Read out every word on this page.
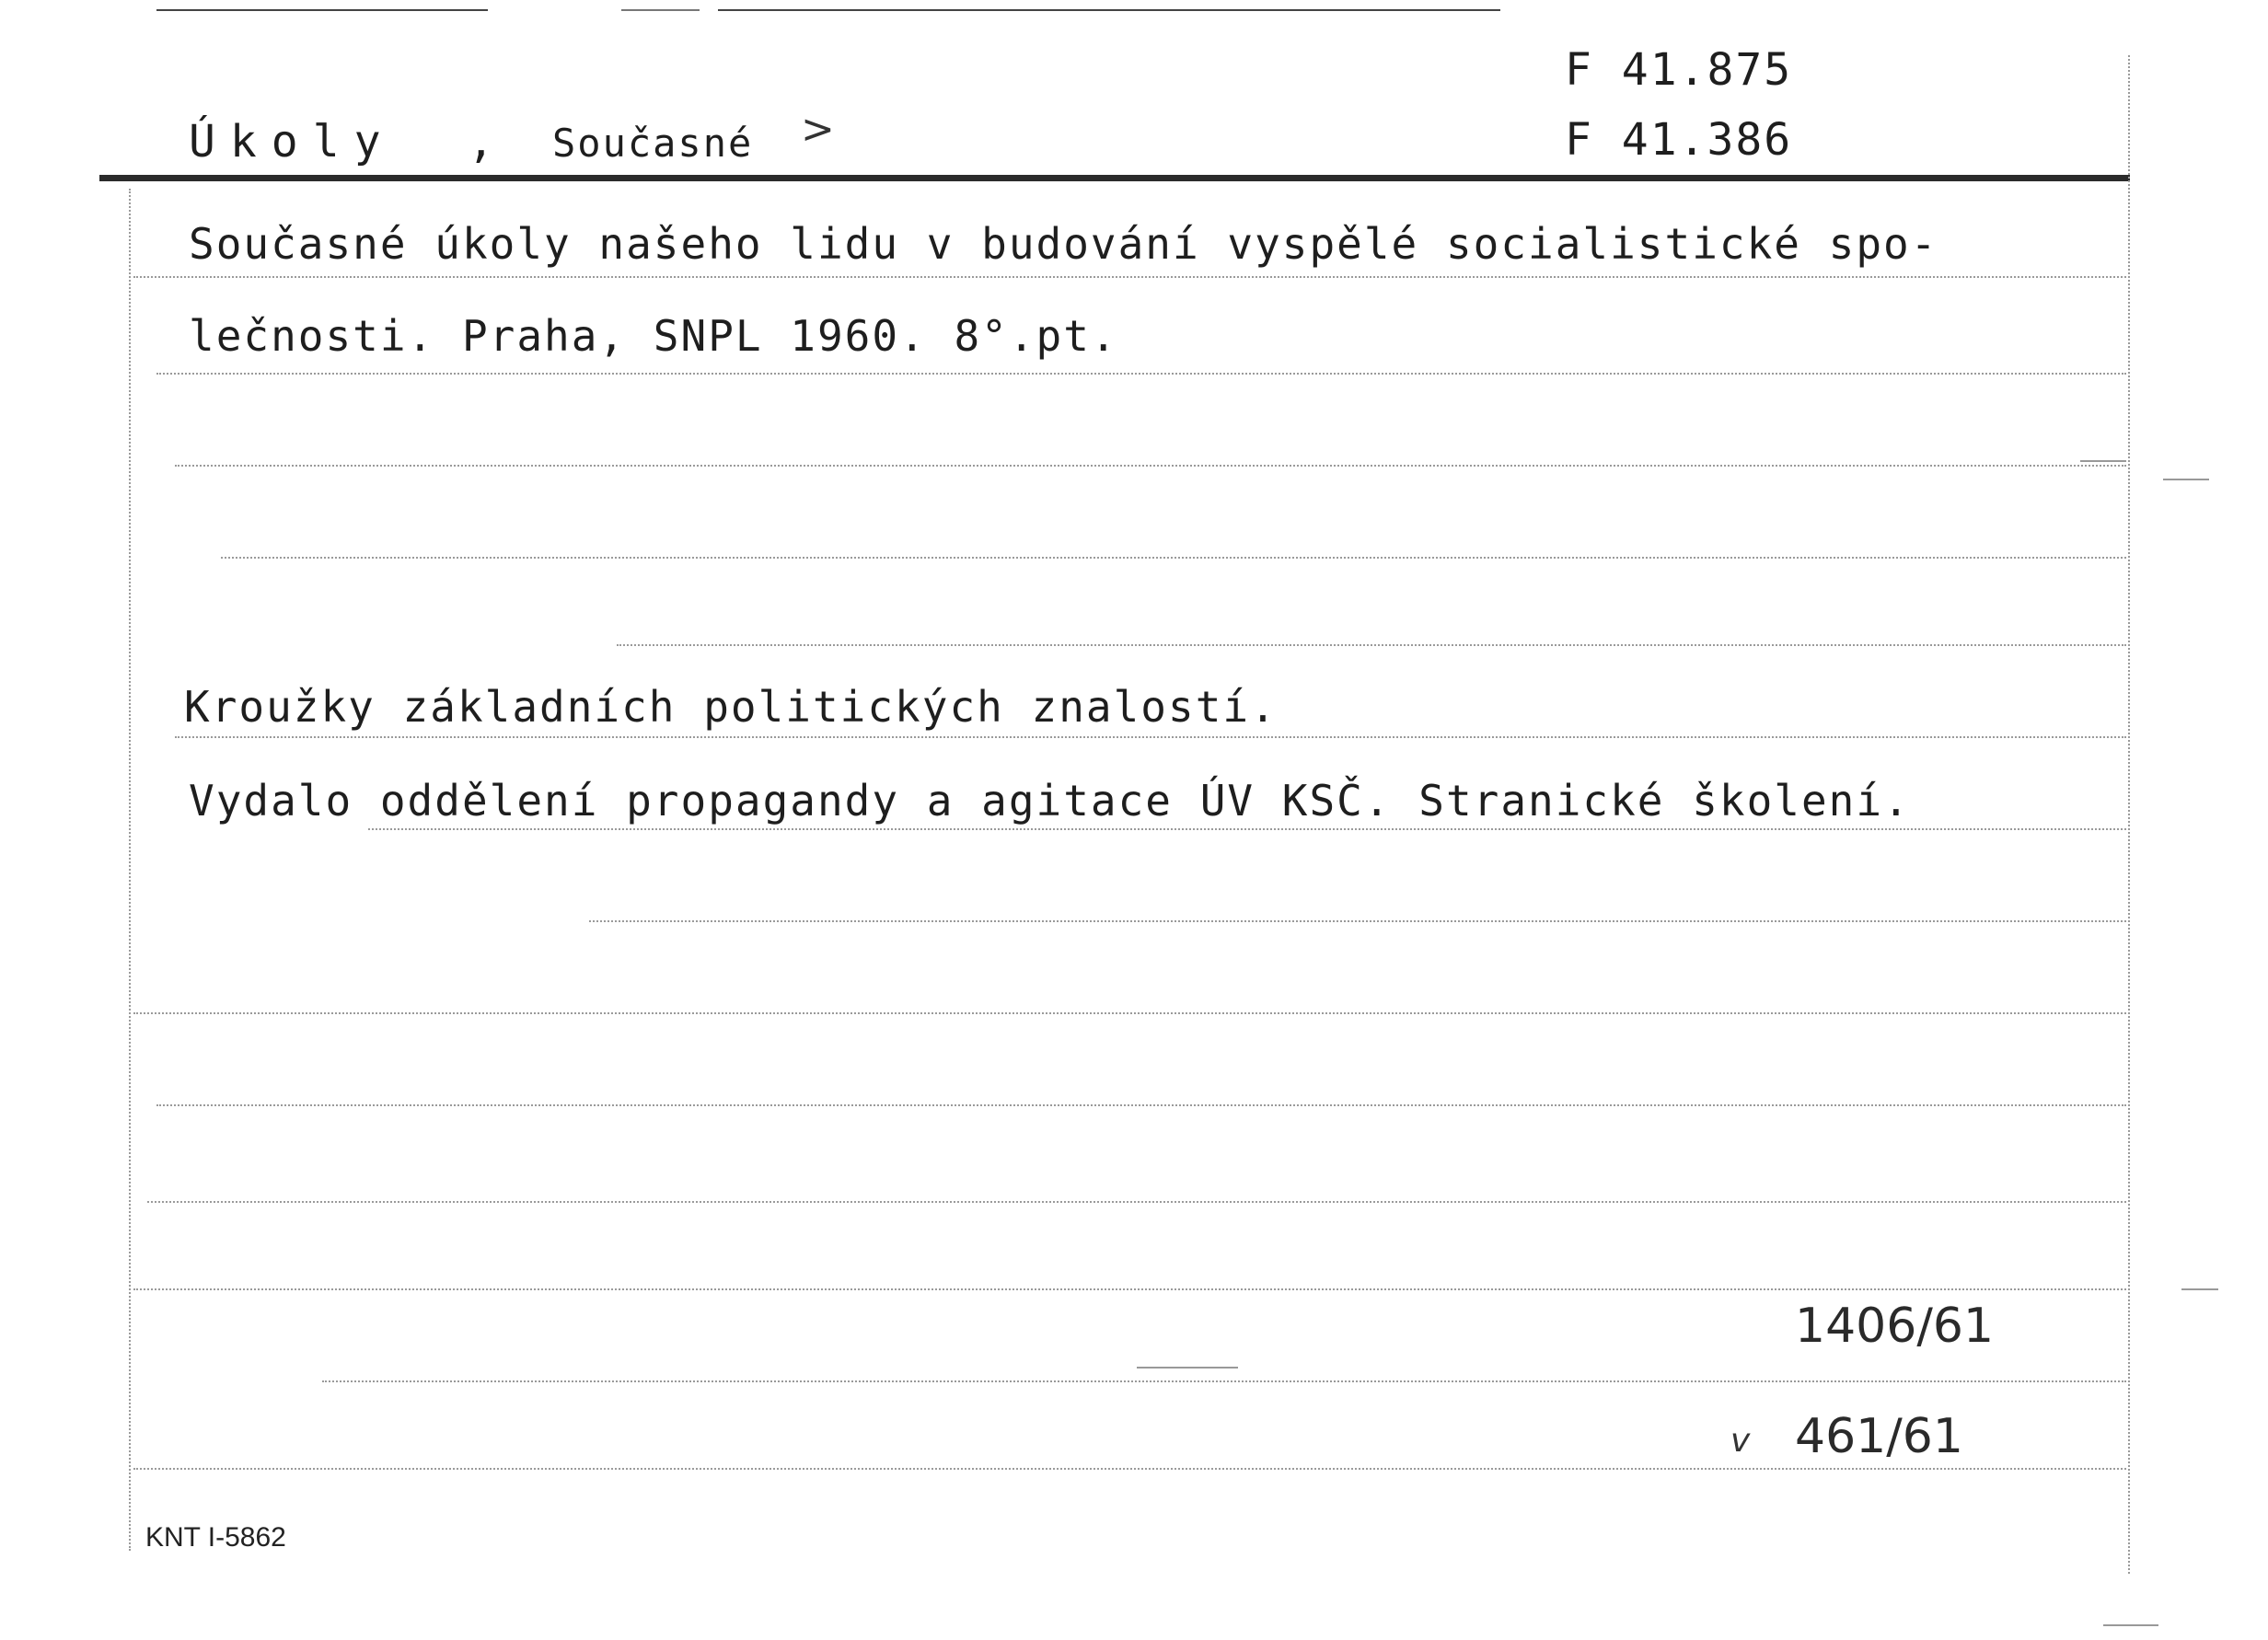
F 41.875
F 41.386
Úkoly , Současné >
Současné úkoly našeho lidu v budování vyspělé socialistické spo-
lečnosti. Praha, SNPL 1960. 8°.pt.
Kroužky základních politických znalostí.
Vydalo oddělení propagandy a agitace ÚV KSČ. Stranické školení.
1406/61
v 461/61
KNT I-5862
